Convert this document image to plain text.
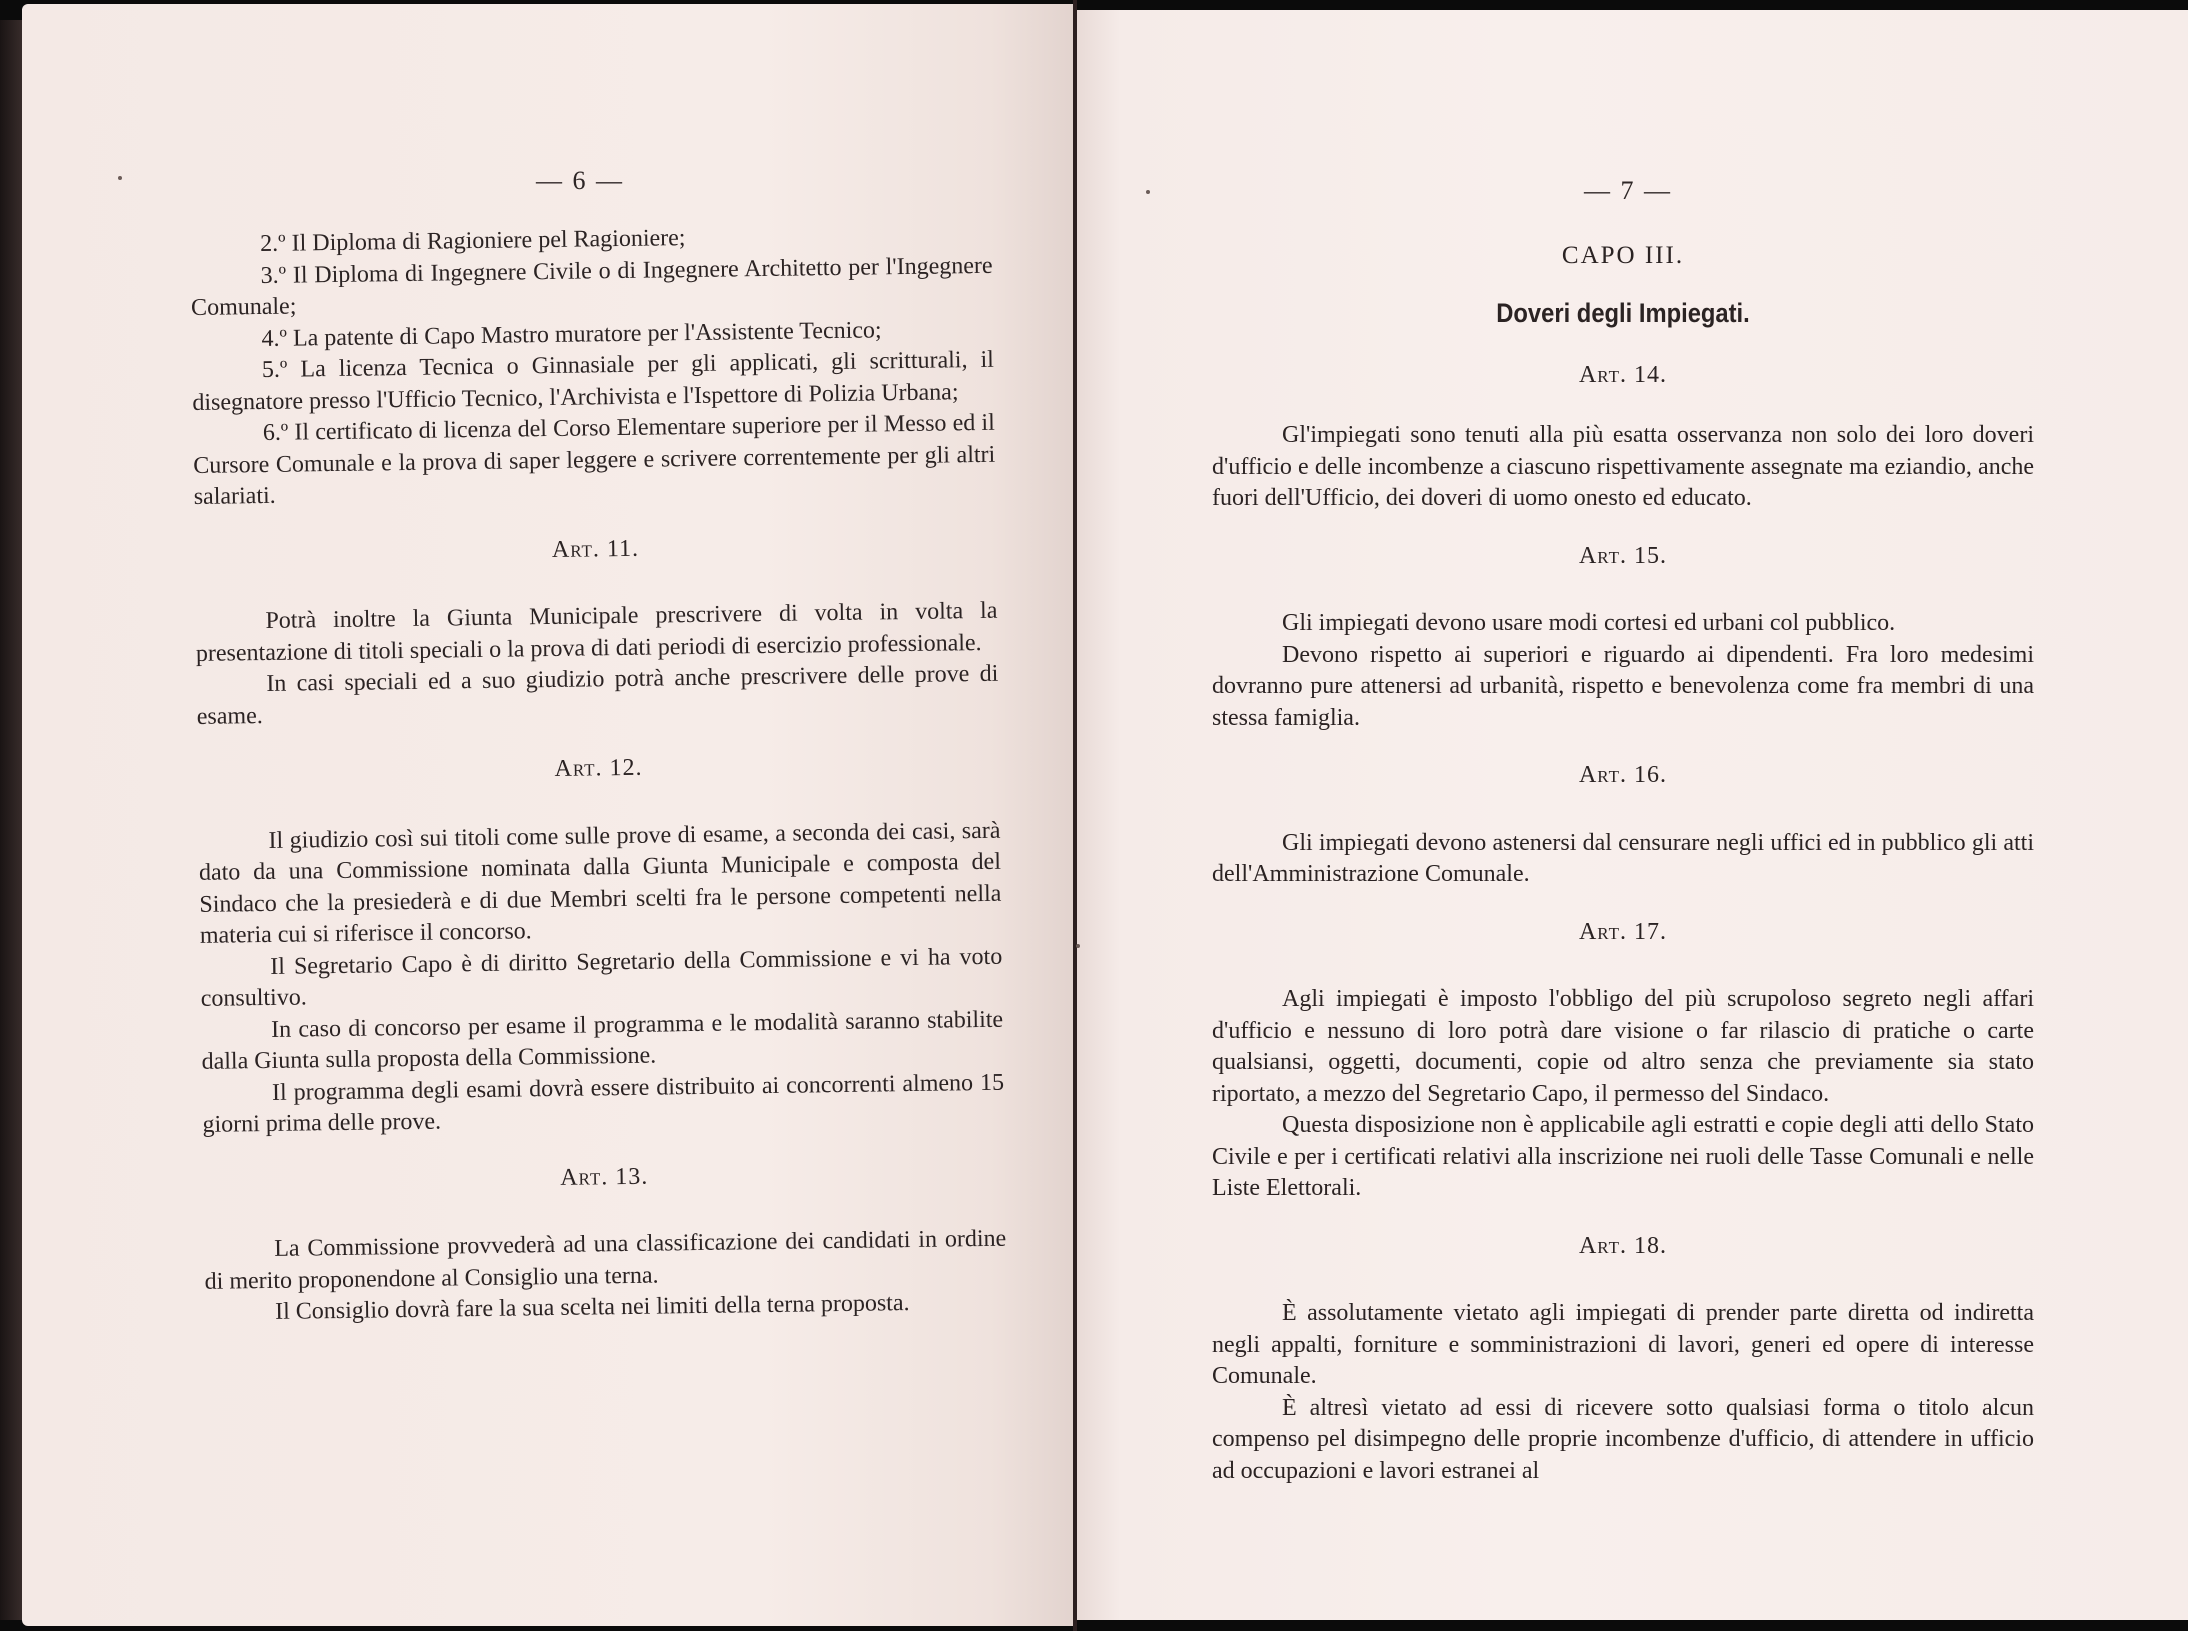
— 6 —

2.º Il Diploma di Ragioniere pel Ragioniere;

3.º Il Diploma di Ingegnere Civile o di Ingegnere Architetto per l'Ingegnere Comunale;

4.º La patente di Capo Mastro muratore per l'Assistente Tecnico;

5.º La licenza Tecnica o Ginnasiale per gli applicati, gli scritturali, il disegnatore presso l'Ufficio Tecnico, l'Archivista e l'Ispettore di Polizia Urbana;

6.º Il certificato di licenza del Corso Elementare superiore per il Messo ed il Cursore Comunale e la prova di saper leggere e scrivere correntemente per gli altri salariati.

Art. 11.

Potrà inoltre la Giunta Municipale prescrivere di volta in volta la presentazione di titoli speciali o la prova di dati periodi di esercizio professionale.

In casi speciali ed a suo giudizio potrà anche prescrivere delle prove di esame.

Art. 12.

Il giudizio così sui titoli come sulle prove di esame, a seconda dei casi, sarà dato da una Commissione nominata dalla Giunta Municipale e composta del Sindaco che la presiederà e di due Membri scelti fra le persone competenti nella materia cui si riferisce il concorso.

Il Segretario Capo è di diritto Segretario della Commissione e vi ha voto consultivo.

In caso di concorso per esame il programma e le modalità saranno stabilite dalla Giunta sulla proposta della Commissione.

Il programma degli esami dovrà essere distribuito ai concorrenti almeno 15 giorni prima delle prove.

Art. 13.

La Commissione provvederà ad una classificazione dei candidati in ordine di merito proponendone al Consiglio una terna.

Il Consiglio dovrà fare la sua scelta nei limiti della terna proposta.

— 7 —
CAPO III.
Doveri degli Impiegati.
Art. 14.

Gl'impiegati sono tenuti alla più esatta osservanza non solo dei loro doveri d'ufficio e delle incombenze a ciascuno rispettivamente assegnate ma eziandio, anche fuori dell'Ufficio, dei doveri di uomo onesto ed educato.

Art. 15.

Gli impiegati devono usare modi cortesi ed urbani col pubblico.

Devono rispetto ai superiori e riguardo ai dipendenti. Fra loro medesimi dovranno pure attenersi ad urbanità, rispetto e benevolenza come fra membri di una stessa famiglia.

Art. 16.

Gli impiegati devono astenersi dal censurare negli uffici ed in pubblico gli atti dell'Amministrazione Comunale.

Art. 17.

Agli impiegati è imposto l'obbligo del più scrupoloso segreto negli affari d'ufficio e nessuno di loro potrà dare visione o far rilascio di pratiche o carte qualsiansi, oggetti, documenti, copie od altro senza che previamente sia stato riportato, a mezzo del Segretario Capo, il permesso del Sindaco.

Questa disposizione non è applicabile agli estratti e copie degli atti dello Stato Civile e per i certificati relativi alla inscrizione nei ruoli delle Tasse Comunali e nelle Liste Elettorali.

Art. 18.

È assolutamente vietato agli impiegati di prender parte diretta od indiretta negli appalti, forniture e somministrazioni di lavori, generi ed opere di interesse Comunale.

È altresì vietato ad essi di ricevere sotto qualsiasi forma o titolo alcun compenso pel disimpegno delle proprie incombenze d'ufficio, di attendere in ufficio ad occupazioni e lavori estranei al
